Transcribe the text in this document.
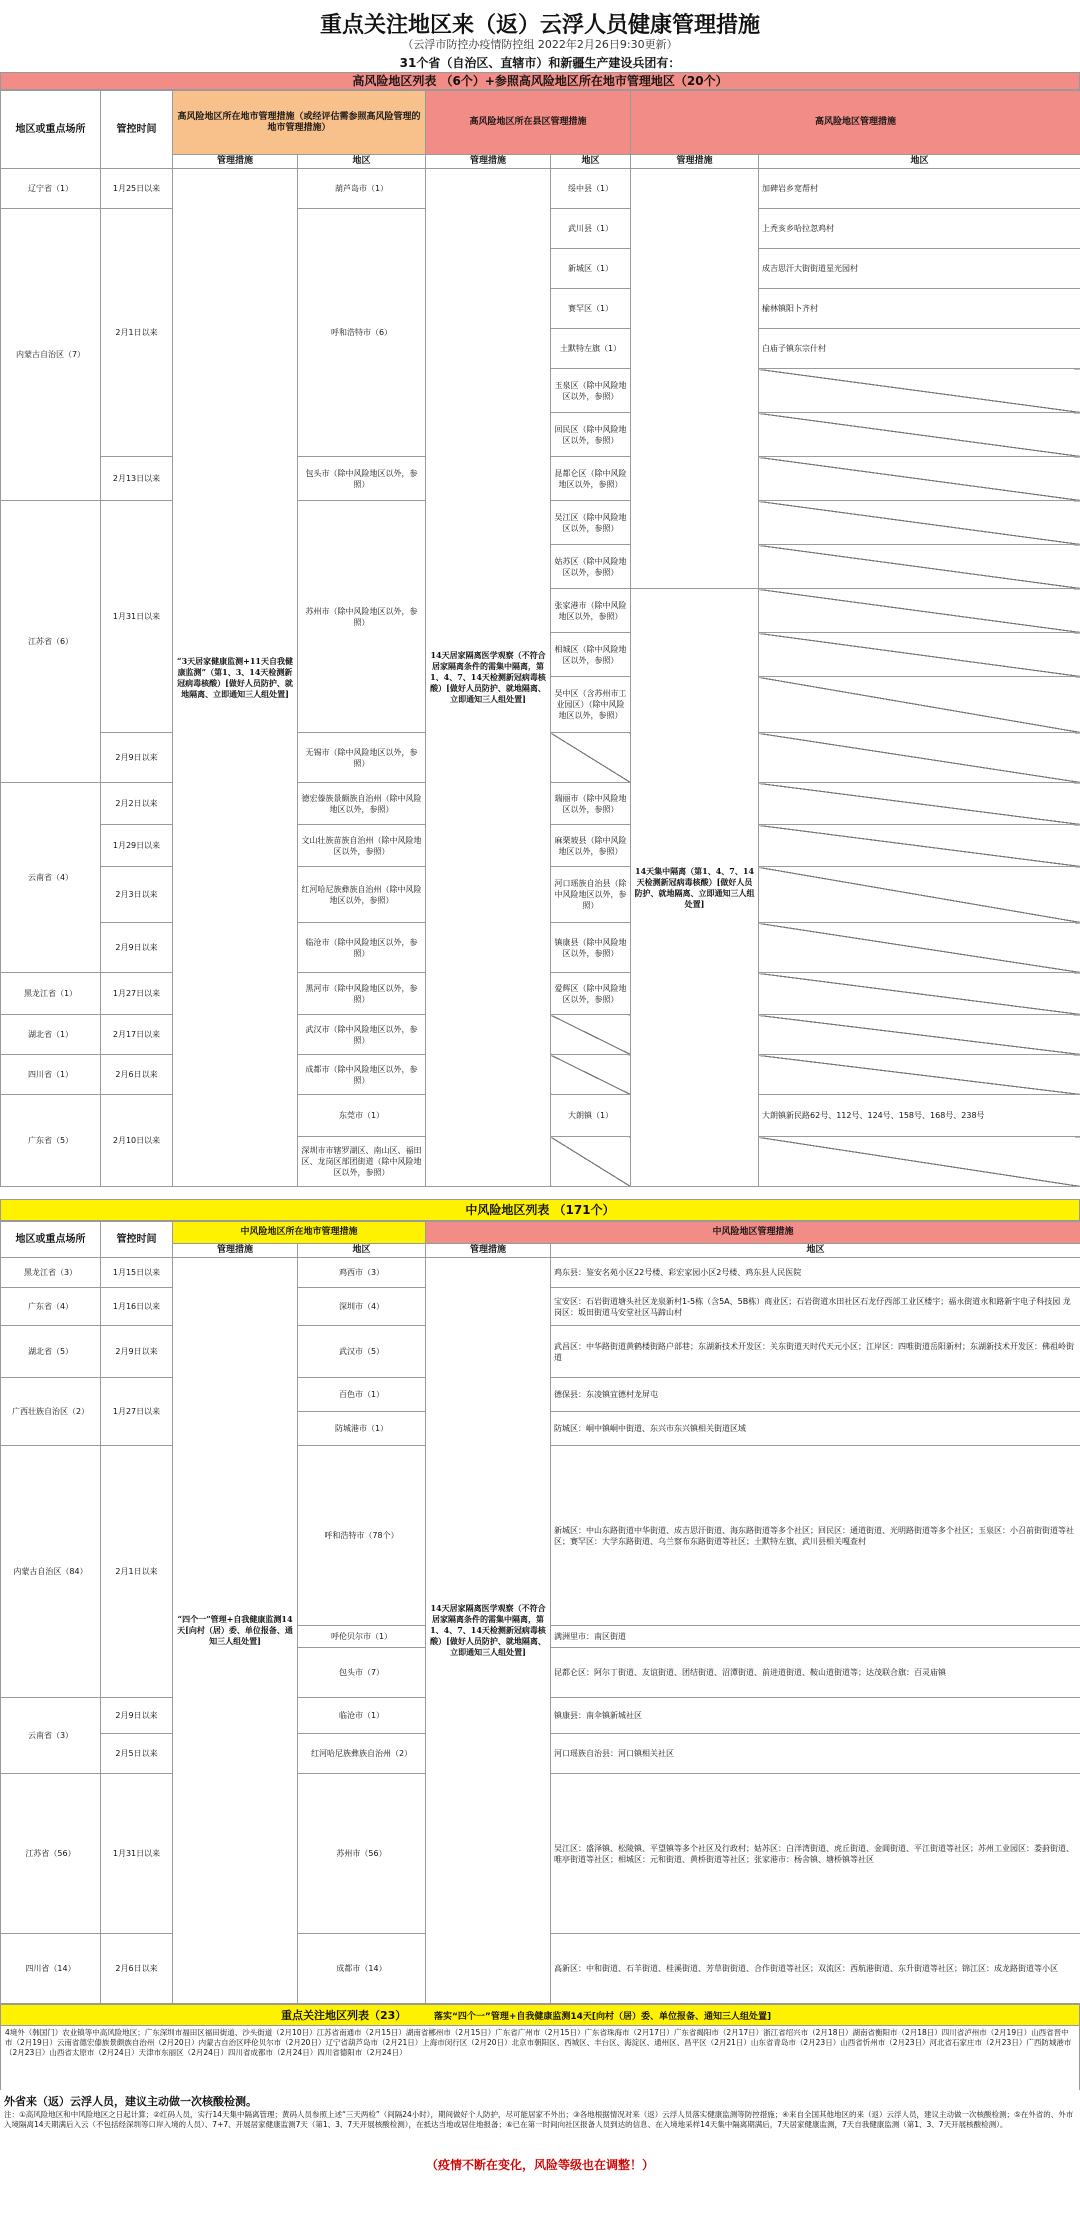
重点关注地区来（返）云浮人员健康管理措施
（云浮市防控办疫情防控组 2022年2月26日9:30更新）
31个省（自治区、直辖市）和新疆生产建设兵团有：
高风险地区列表 （6个）+参照高风险地区所在地市管理地区（20个）
地区或重点场所	管控时间	高风险地区所在地市管理措施（或经评估需参照高风险管理的地市管理措施）		高风险地区所在县区管理措施		高风险地区管理措施	
		管理措施	地区	管理措施	地区	管理措施	地区
辽宁省（1）	1月25日以来	“3天居家健康监测+11天自我健康监测”（第1、3、14天检测新冠病毒核酸）[做好人员防护、就地隔离、立即通知三人组处置]	葫芦岛市（1）	14天居家隔离医学观察（不符合居家隔离条件的需集中隔离，第1、4、7、14天检测新冠病毒核酸）[做好人员防护、就地隔离、立即通知三人组处置]	绥中县（1）		加碑岩乡宽帮村
内蒙古自治区（7）	2月1日以来		呼和浩特市（6）		武川县（1）		上秃亥乡哈拉忽鸡村
					新城区（1）		成吉思汗大街街道星光园村
					赛罕区（1）		榆林镇阳卜齐村
					土默特左旗（1）		白庙子镇东宗什村
					玉泉区（除中风险地区以外，参照）		
					回民区（除中风险地区以外，参照）		
	2月13日以来		包头市（除中风险地区以外，参照）		昆都仑区（除中风险地区以外，参照）		
江苏省（6）	1月31日以来		苏州市（除中风险地区以外，参照）		吴江区（除中风险地区以外，参照）		
					姑苏区（除中风险地区以外，参照）		
					张家港市（除中风险地区以外，参照）	14天集中隔离（第1、4、7、14天检测新冠病毒核酸）[做好人员防护、就地隔离、立即通知三人组处置]	
					相城区（除中风险地区以外，参照）		
					吴中区（含苏州市工业园区）（除中风险地区以外，参照）		
	2月9日以来		无锡市（除中风险地区以外，参照）				
云南省（4）	2月2日以来		德宏傣族景颇族自治州（除中风险地区以外，参照）		瑞丽市（除中风险地区以外，参照）		
	1月29日以来		文山壮族苗族自治州（除中风险地区以外，参照）		麻栗坡县（除中风险地区以外，参照）		
	2月3日以来		红河哈尼族彝族自治州（除中风险地区以外，参照）		河口瑶族自治县（除中风险地区以外，参照）		
	2月9日以来		临沧市（除中风险地区以外，参照）		镇康县（除中风险地区以外，参照）		
黑龙江省（1）	1月27日以来		黑河市（除中风险地区以外，参照）		爱辉区（除中风险地区以外，参照）		
湖北省（1）	2月17日以来		武汉市（除中风险地区以外，参照）				
四川省（1）	2月6日以来		成都市（除中风险地区以外，参照）				
广东省（5）	2月10日以来		东莞市（1）		大朗镇（1）		大朗镇新民路62号、112号、124号、158号、168号、238号
			深圳市市辖罗湖区、南山区、福田区、龙岗区部团街道（除中风险地区以外，参照）				
中风险地区列表 （171个）
地区或重点场所	管控时间	中风险地区所在地市管理措施		中风险地区管理措施	
		管理措施	地区	管理措施	地区
黑龙江省（3）	1月15日以来	“四个一”管理+自我健康监测14天[向村（居）委、单位报备、通知三人组处置]	鸡西市（3）	14天居家隔离医学观察（不符合居家隔离条件的需集中隔离，第1、4、7、14天检测新冠病毒核酸）[做好人员防护、就地隔离、立即通知三人组处置]	鸡东县：鉴安名苑小区22号楼、彩宏家园小区2号楼、鸡东县人民医院
广东省（4）	1月16日以来		深圳市（4）		宝安区：石岩街道塘头社区龙泉新村1-5栋（含5A、5B栋）商业区；石岩街道水田社区石龙仔西部工业区楼宇；福永街道永和路新宇电子科技园 龙岗区：坂田街道马安堂社区马蹄山村
湖北省（5）	2月9日以来		武汉市（5）		武昌区：中华路街道黄鹤楼街路户部巷；东湖新技术开发区：关东街道天时代天元小区；江岸区：四唯街道岳阳新村；东湖新技术开发区：佛祖岭街道
广西壮族自治区（2）	1月27日以来		百色市（1）		德保县：东凌镇宜德村龙屏屯
			防城港市（1）		防城区：峒中镇峒中街道、东兴市东兴镇相关街道区域
内蒙古自治区（84）	2月1日以来		呼和浩特市（78个）		新城区：中山东路街道中华街道、成吉思汗街道、海东路街道等多个社区；回民区：通道街道、光明路街道等多个社区；玉泉区：小召前街街道等社区；赛罕区：大学东路街道、乌兰察布东路街道等社区；土默特左旗、武川县相关嘎查村
			呼伦贝尔市（1）		满洲里市：南区街道
			包头市（7）		昆都仑区：阿尔丁街道、友谊街道、团结街道、沼潭街道、前进道街道、鞍山道街道等；达茂联合旗：百灵庙镇
云南省（3）	2月9日以来		临沧市（1）		镇康县：南伞镇新城社区
	2月5日以来		红河哈尼族彝族自治州（2）		河口瑶族自治县：河口镇相关社区
江苏省（56）	1月31日以来		苏州市（56）		吴江区：盛泽镇、松陵镇、平望镇等多个社区及行政村；姑苏区：白洋湾街道、虎丘街道、金阊街道、平江街道等社区；苏州工业园区：娄葑街道、唯亭街道等社区；相城区：元和街道、黄桥街道等社区；张家港市：杨舍镇、塘桥镇等社区
四川省（14）	2月6日以来		成都市（14）		高新区：中和街道、石羊街道、桂溪街道、芳草街街道、合作街道等社区；双流区：西航港街道、东升街道等社区；锦江区：成龙路街道等小区
重点关注地区列表（23）	落实“四个一”管理+自我健康监测14天[向村（居）委、单位报备、通知三人组处置]
4境外（韩国门）农业镇等中高风险地区；广东深圳市福田区福田街道、沙头街道（2月10日）江苏省南通市（2月15日）湖南省郴州市（2月15日）广东省广州市（2月15日）广东省珠海市（2月17日）广东省揭阳市（2月17日）浙江省绍兴市（2月18日）湖南省衡阳市（2月18日）四川省泸州市（2月19日）山西省晋中市（2月19日）云南省德宏傣族景颇族自治州（2月20日）内蒙古自治区呼伦贝尔市（2月20日）辽宁省葫芦岛市（2月21日）上海市闵行区（2月20日）北京市朝阳区、西城区、丰台区、海淀区、通州区、昌平区（2月21日）山东省青岛市（2月23日）山西省忻州市（2月23日）河北省石家庄市（2月23日）广西防城港市（2月23日）山西省太原市（2月24日）天津市东丽区（2月24日）四川省成都市（2月24日）四川省德阳市（2月24日）
外省来（返）云浮人员，建议主动做一次核酸检测。
注：①高风险地区和中风险地区之日起计算；②红码人员，实行14天集中隔离管理；黄码人员参照上述“三天两检”（间隔24小时），期间做好个人防护，尽可能居家不外出；③各地根据情况对来（返）云浮人员落实健康监测等防控措施；④来自全国其他地区的来（返）云浮人员，建议主动做一次核酸检测；⑤在外省的、外市入境隔离14天期满后入云（不包括经深圳等口岸入境的人员）、7+7、开展居家健康监测7天（第1、3、7天开展核酸检测），在抵达当地或居住地报备；⑥已在第一时间向社区报备人员到达的信息、在入境地采样14天集中隔离期满后，7天居家健康监测，7天自我健康监测（第1、3、7天开展核酸检测）。
（疫情不断在变化，风险等级也在调整！）
